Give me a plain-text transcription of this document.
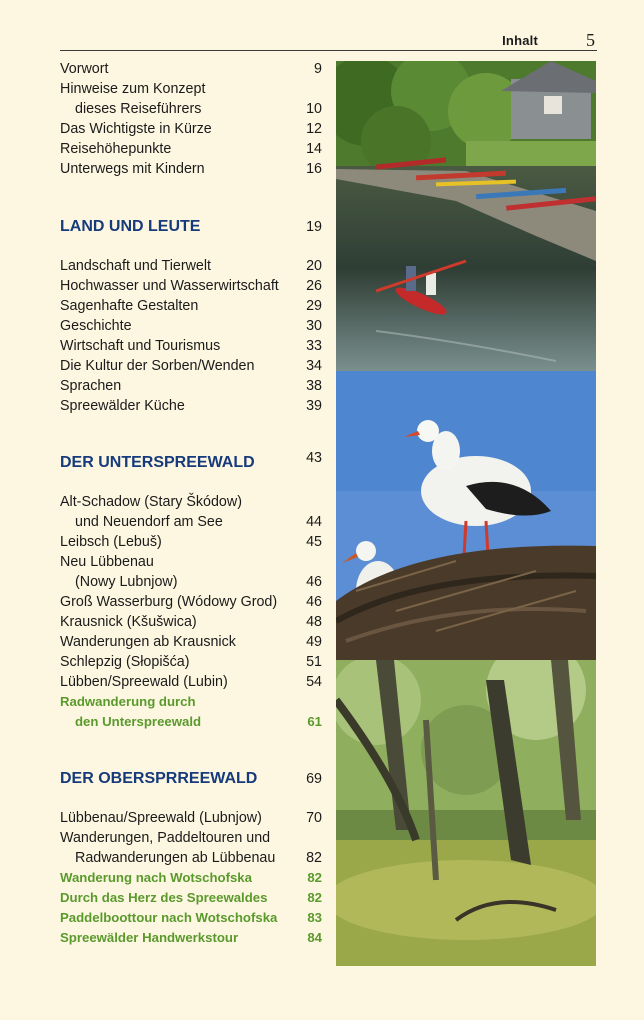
Inhalt	5
Vorwort	9
Hinweise zum Konzept
dieses Reiseführers	10
Das Wichtigste in Kürze	12
Reisehöhepunkte	14
Unterwegs mit Kindern	16
LAND UND LEUTE	19
Landschaft und Tierwelt	20
Hochwasser und Wasserwirtschaft 26
Sagenhafte Gestalten	29
Geschichte	30
Wirtschaft und Tourismus	33
Die Kultur der Sorben/Wenden	34
Sprachen	38
Spreewälder Küche	39
DER UNTERSPREEWALD	43
Alt-Schadow (Stary Škódow)
und Neuendorf am See	44
Leibsch (Lebuš)	45
Neu Lübbenau
(Nowy Lubnjow)	46
Groß Wasserburg (Wódowy Grod) 46
Krausnick (Kšušwica)	48
Wanderungen ab Krausnick	49
Schlepzig (Słopišća)	51
Lübben/Spreewald (Lubin)	54
Radwanderung durch
den Unterspreewald	61
DER OBERSPRREEWALD	69
Lübbenau/Spreewald (Lubnjow)	70
Wanderungen, Paddeltouren und
Radwanderungen ab Lübbenau 82
Wanderung nach Wotschofska	82
Durch das Herz des Spreewaldes	82
Paddelboottour nach Wotschofska 83
Spreewälder Handwerkstour	84
